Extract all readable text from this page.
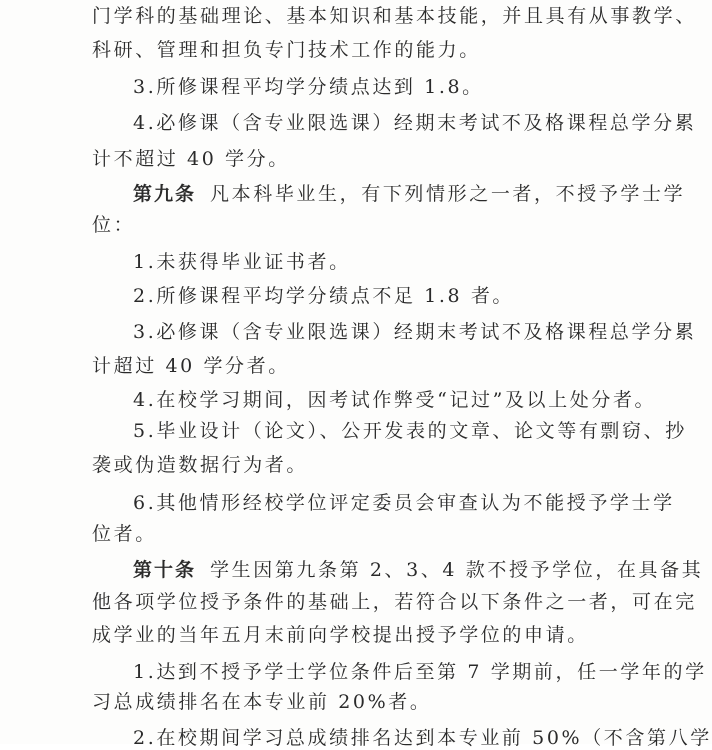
门学科的基础理论、基本知识和基本技能，并且具有从事教学、
科研、管理和担负专门技术工作的能力。
3.所修课程平均学分绩点达到 1.8。
4.必修课（含专业限选课）经期末考试不及格课程总学分累
计不超过 40 学分。
第九条 凡本科毕业生，有下列情形之一者，不授予学士学
位：
1.未获得毕业证书者。
2.所修课程平均学分绩点不足 1.8 者。
3.必修课（含专业限选课）经期末考试不及格课程总学分累
计超过 40 学分者。
4.在校学习期间，因考试作弊受“记过”及以上处分者。
5.毕业设计（论文）、公开发表的文章、论文等有剽窃、抄
袭或伪造数据行为者。
6.其他情形经校学位评定委员会审查认为不能授予学士学
位者。
第十条 学生因第九条第 2、3、4 款不授予学位，在具备其
他各项学位授予条件的基础上，若符合以下条件之一者，可在完
成学业的当年五月末前向学校提出授予学位的申请。
1.达到不授予学士学位条件后至第 7 学期前，任一学年的学
习总成绩排名在本专业前 20%者。
2.在校期间学习总成绩排名达到本专业前 50%（不含第八学
